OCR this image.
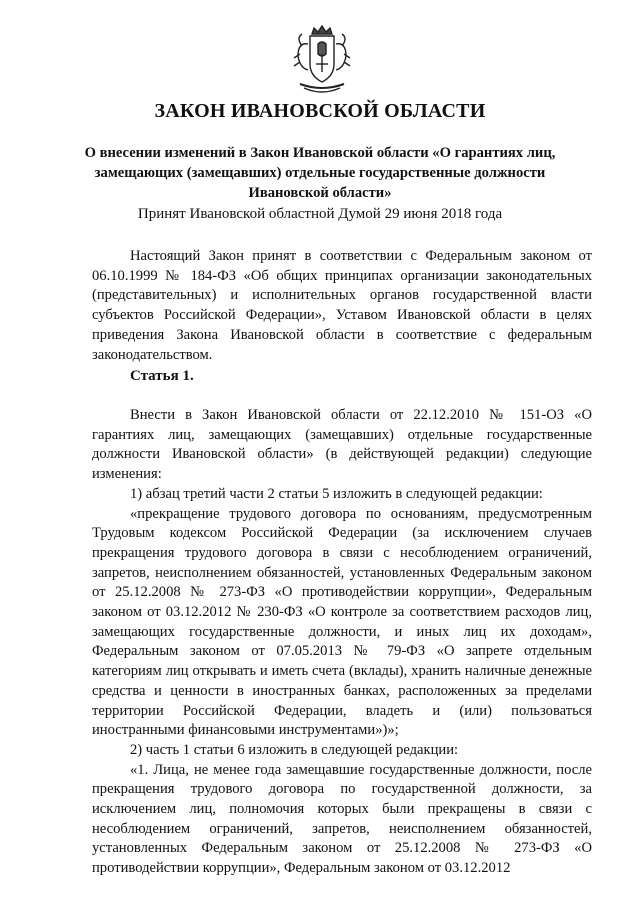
ЗАКОН ИВАНОВСКОЙ ОБЛАСТИ
О внесении изменений в Закон Ивановской области «О гарантиях лиц, замещающих (замещавших) отдельные государственные должности Ивановской области»
Принят Ивановской областной Думой 29 июня 2018 года

Настоящий Закон принят в соответствии с Федеральным законом от 06.10.1999 № 184-ФЗ «Об общих принципах организации законодательных (представительных) и исполнительных органов государственной власти субъектов Российской Федерации», Уставом Ивановской области в целях приведения Закона Ивановской области в соответствие с федеральным законодательством.

Статья 1.

Внести в Закон Ивановской области от 22.12.2010 № 151-ОЗ «О гарантиях лиц, замещающих (замещавших) отдельные государственные должности Ивановской области» (в действующей редакции) следующие изменения:

1) абзац третий части 2 статьи 5 изложить в следующей редакции:

«прекращение трудового договора по основаниям, предусмотренным Трудовым кодексом Российской Федерации (за исключением случаев прекращения трудового договора в связи с несоблюдением ограничений, запретов, неисполнением обязанностей, установленных Федеральным законом от 25.12.2008 № 273-ФЗ «О противодействии коррупции», Федеральным законом от 03.12.2012 № 230-ФЗ «О контроле за соответствием расходов лиц, замещающих государственные должности, и иных лиц их доходам», Федеральным законом от 07.05.2013 № 79-ФЗ «О запрете отдельным категориям лиц открывать и иметь счета (вклады), хранить наличные денежные средства и ценности в иностранных банках, расположенных за пределами территории Российской Федерации, владеть и (или) пользоваться иностранными финансовыми инструментами»)»;

2) часть 1 статьи 6 изложить в следующей редакции:

«1. Лица, не менее года замещавшие государственные должности, после прекращения трудового договора по государственной должности, за исключением лиц, полномочия которых были прекращены в связи с несоблюдением ограничений, запретов, неисполнением обязанностей, установленных Федеральным законом от 25.12.2008 № 273-ФЗ «О противодействии коррупции», Федеральным законом от 03.12.2012
